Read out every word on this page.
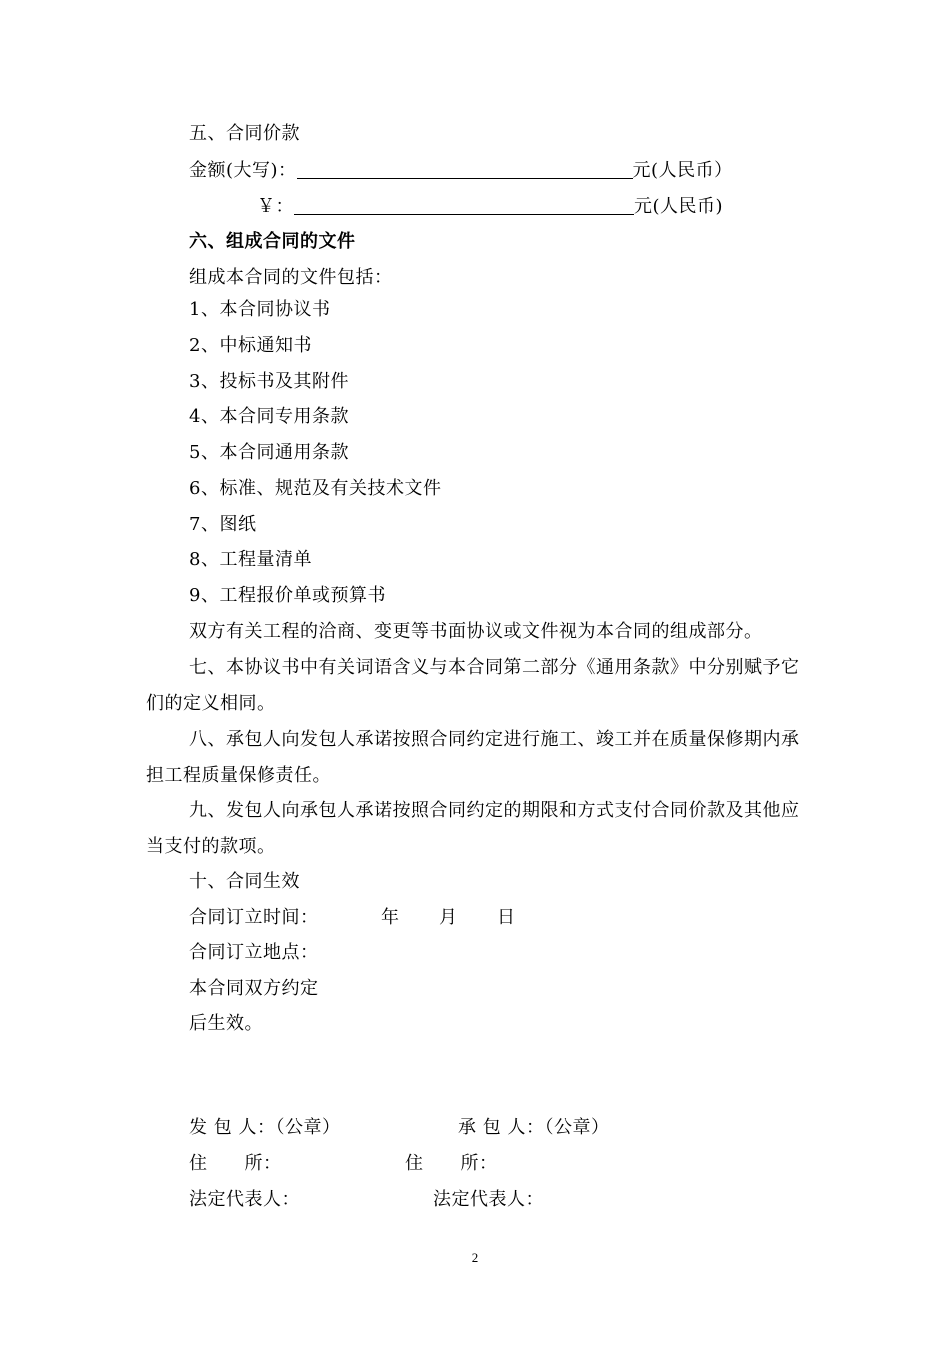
五、合同价款
金额(大写)：	元(人民币）
￥：	元(人民币)
六、组成合同的文件
组成本合同的文件包括：
1、本合同协议书
2、中标通知书
3、投标书及其附件
4、本合同专用条款
5、本合同通用条款
6、标准、规范及有关技术文件
7、图纸
8、工程量清单
9、工程报价单或预算书
双方有关工程的洽商、变更等书面协议或文件视为本合同的组成部分。
七、本协议书中有关词语含义与本合同第二部分《通用条款》中分别赋予它们的定义相同。
八、承包人向发包人承诺按照合同约定进行施工、竣工并在质量保修期内承担工程质量保修责任。
九、发包人向承包人承诺按照合同约定的期限和方式支付合同价款及其他应当支付的款项。
十、合同生效
合同订立时间：	年 月 日
合同订立地点：
本合同双方约定
后生效。
发 包 人：（公章）	承 包 人：（公章）
住　　所：	住　　所：
法定代表人：	法定代表人：
2
